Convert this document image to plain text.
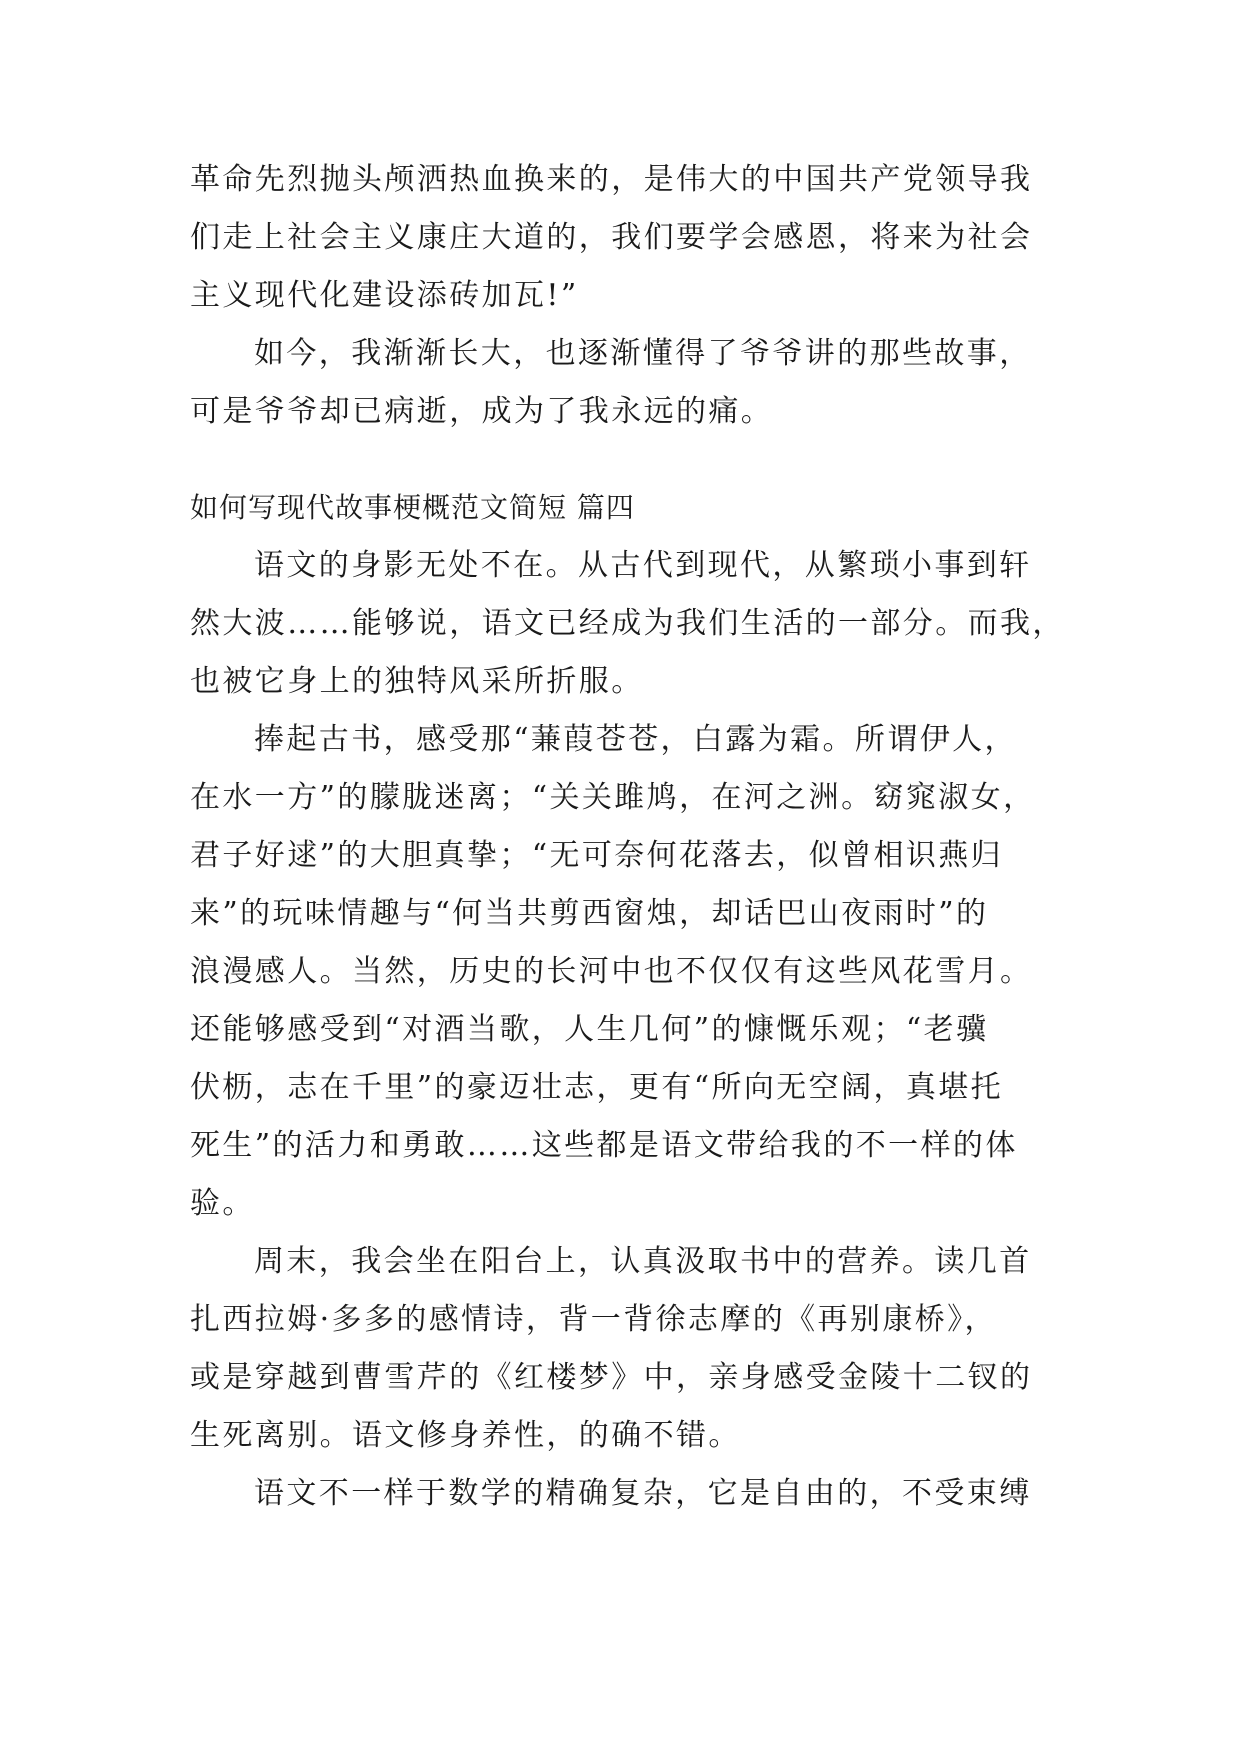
革命先烈抛头颅洒热血换来的，是伟大的中国共产党领导我
们走上社会主义康庄大道的，我们要学会感恩，将来为社会
主义现代化建设添砖加瓦!”
如今，我渐渐长大，也逐渐懂得了爷爷讲的那些故事，
可是爷爷却已病逝，成为了我永远的痛。
如何写现代故事梗概范文简短 篇四
语文的身影无处不在。从古代到现代，从繁琐小事到轩
然大波……能够说，语文已经成为我们生活的一部分。而我，
也被它身上的独特风采所折服。
捧起古书，感受那“蒹葭苍苍，白露为霜。所谓伊人，
在水一方”的朦胧迷离；“关关雎鸠，在河之洲。窈窕淑女，
君子好逑”的大胆真挚；“无可奈何花落去，似曾相识燕归
来”的玩味情趣与“何当共剪西窗烛，却话巴山夜雨时”的
浪漫感人。当然，历史的长河中也不仅仅有这些风花雪月。
还能够感受到“对酒当歌，人生几何”的慷慨乐观；“老骥
伏枥，志在千里”的豪迈壮志，更有“所向无空阔，真堪托
死生”的活力和勇敢……这些都是语文带给我的不一样的体
验。
周末，我会坐在阳台上，认真汲取书中的营养。读几首
扎西拉姆·多多的感情诗，背一背徐志摩的《再别康桥》，
或是穿越到曹雪芹的《红楼梦》中，亲身感受金陵十二钗的
生死离别。语文修身养性，的确不错。
语文不一样于数学的精确复杂，它是自由的，不受束缚
